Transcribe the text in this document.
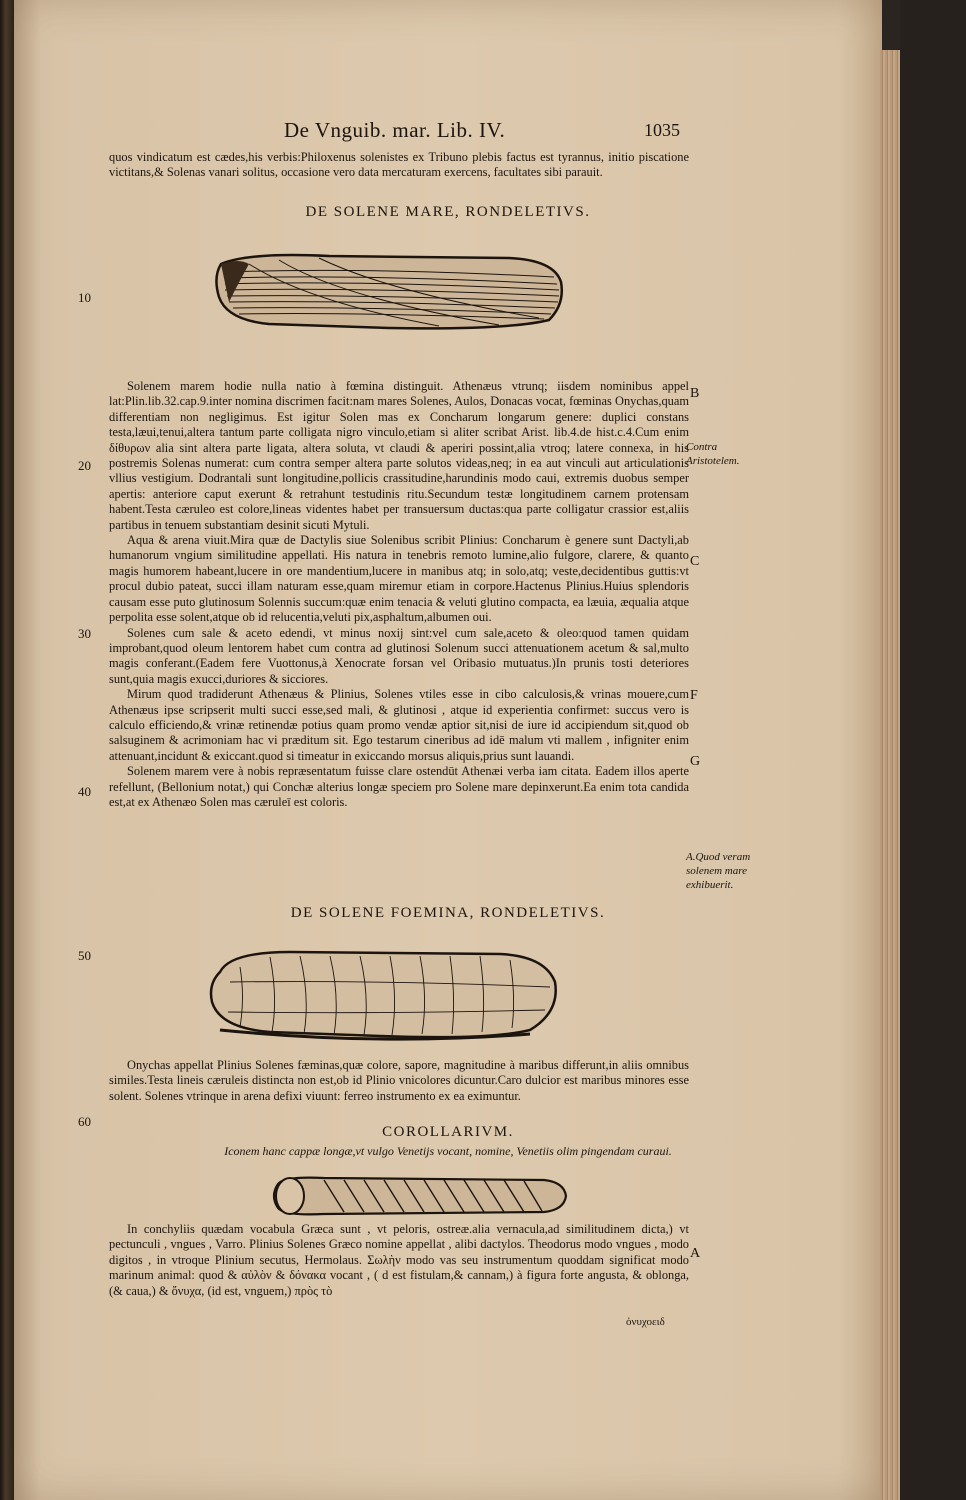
De Vnguib. mar. Lib. IV.	1035

quos vindicatum est cædes,his verbis:Philoxenus solenistes ex Tribuno plebis factus est tyrannus, initio piscatione victitans,& Solenas vanari solitus, occasione vero data mercaturam exercens, facultates sibi parauit.

DE SOLENE MARE, RONDELETIVS.
10

Solenem marem hodie nulla natio à fœmina distinguit. Athenæus vtrunq; iisdem nominibus appel lat:Plin.lib.32.cap.9.inter nomina discrimen facit:nam mares Solenes, Aulos, Donacas vocat, fœminas Onychas,quam differentiam non negligimus. Est igitur Solen mas ex Concharum longarum genere: duplici constans testa,læui,tenui,altera tantum parte colligata nigro vinculo,etiam si aliter scribat Arist. lib.4.de hist.c.4.Cum enim δίθυρων alia sint altera parte ligata, altera soluta, vt claudi & aperiri possint,alia vtroq; latere connexa, in his postremis Solenas numerat: cum contra semper altera parte solutos videas,neq; in ea aut vinculi aut articulationis vllius vestigium. Dodrantali sunt longitudine,pollicis crassitudine,harundinis modo caui, extremis duobus semper apertis: anteriore caput exerunt & retrahunt testudinis ritu.Secundum testæ longitudinem carnem protensam habent.Testa cæruleo est colore,lineas videntes habet per transuersum ductas:qua parte colligatur crassior est,aliis partibus in tenuem substantiam desinit sicuti Mytuli.

Aqua & arena viuit.Mira quæ de Dactylis siue Solenibus scribit Plinius: Concharum è genere sunt Dactyli,ab humanorum vngium similitudine appellati. His natura in tenebris remoto lumine,alio fulgore, clarere, & quanto magis humorem habeant,lucere in ore mandentium,lucere in manibus atq; in solo,atq; veste,decidentibus guttis:vt procul dubio pateat, succi illam naturam esse,quam miremur etiam in corpore.Hactenus Plinius.Huius splendoris causam esse puto glutinosum Solennis succum:quæ enim tenacia & veluti glutino compacta, ea læuia, æqualia atque perpolita esse solent,atque ob id relucentia,veluti pix,asphaltum,albumen oui.

Solenes cum sale & aceto edendi, vt minus noxij sint:vel cum sale,aceto & oleo:quod tamen quidam improbant,quod oleum lentorem habet cum contra ad glutinosi Solenum succi attenuationem acetum & sal,multo magis conferant.(Eadem fere Vuottonus,à Xenocrate forsan vel Oribasio mutuatus.)In prunis tosti deteriores sunt,quia magis exucci,duriores & sicciores.

Mirum quod tradiderunt Athenæus & Plinius, Solenes vtiles esse in cibo calculosis,& vrinas mouere,cum Athenæus ipse scripserit multi succi esse,sed mali, & glutinosi , atque id experientia confirmet: succus vero is calculo efficiendo,& vrinæ retinendæ potius quam promo vendæ aptior sit,nisi de iure id accipiendum sit,quod ob salsuginem & acrimoniam hac vi præditum sit. Ego testarum cineribus ad idē malum vti mallem , infigniter enim attenuant,incidunt & exiccant.quod si timeatur in exiccando morsus aliquis,prius sunt lauandi.

Solenem marem vere à nobis repræsentatum fuisse clare ostendūt Athenæi verba iam citata. Eadem illos aperte refellunt, (Bellonium notat,) qui Conchæ alterius longæ speciem pro Solene mare depinxerunt.Ea enim tota candida est,at ex Athenæo Solen mas cæruleī est coloris.

20
30
40
B
Contra Aristotelem.
C
F
G
A.Quod veram solenem mare exhibuerit.
DE SOLENE FOEMINA, RONDELETIVS.
50

Onychas appellat Plinius Solenes fæminas,quæ colore, sapore, magnitudine à maribus differunt,in aliis omnibus similes.Testa lineis cæruleis distincta non est,ob id Plinio vnicolores dicuntur.Caro dulcior est maribus minores esse solent. Solenes vtrinque in arena defixi viuunt: ferreo instrumento ex ea eximuntur.

60
COROLLARIVM.
Iconem hanc cappæ longæ,vt vulgo Venetijs vocant, nomine, Venetiis olim pingendam curaui.

In conchyliis quædam vocabula Græca sunt , vt peloris, ostreæ.alia vernacula,ad similitudinem dicta,) vt pectunculi , vngues , Varro. Plinius Solenes Græco nomine appellat , alibi dactylos. Theodorus modo vngues , modo digitos , in vtroque Plinium secutus, Hermolaus. Σωλὴν modo vas seu instrumentum quoddam significat modo marinum animal: quod & αὐλὸν & δόνακα vocant , ( d est fistulam,& cannam,) à figura forte angusta, & oblonga, (& caua,) & ὄνυχα, (id est, vnguem,) πρὸς τὸ

A
ὀνυχοειδ
